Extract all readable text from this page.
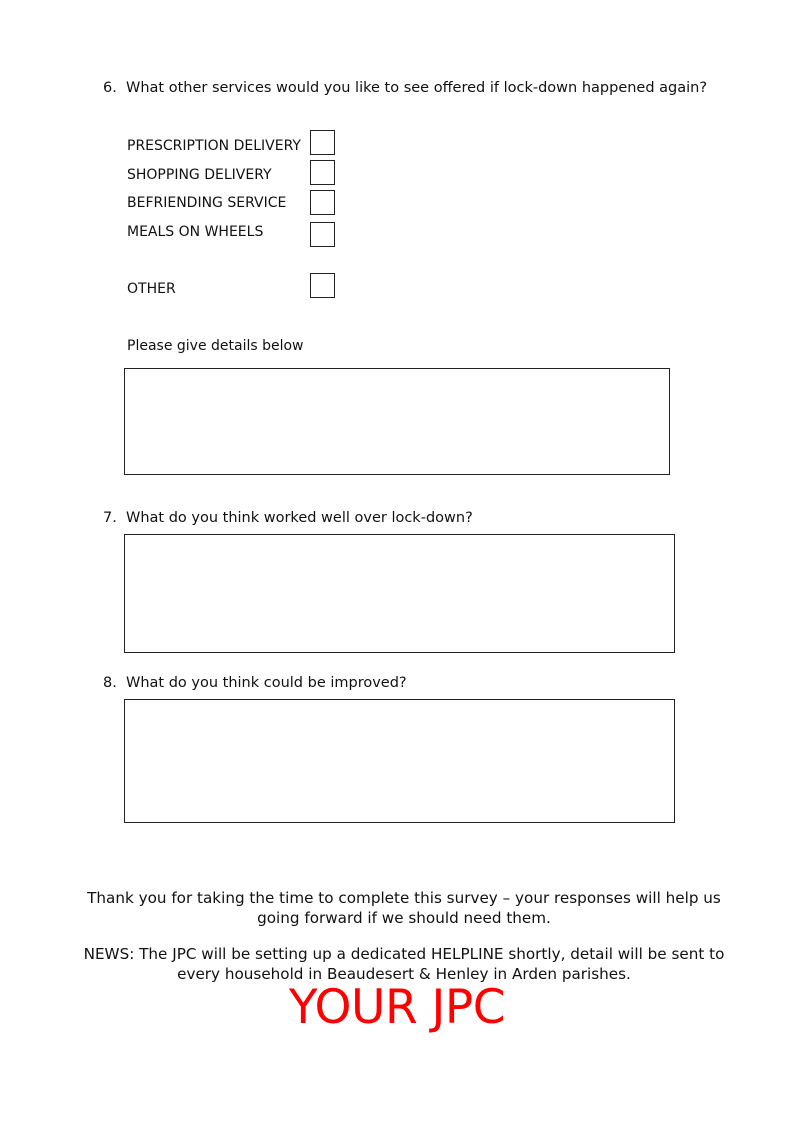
6. What other services would you like to see offered if lock-down happened again?
PRESCRIPTION DELIVERY
SHOPPING DELIVERY
BEFRIENDING SERVICE
MEALS ON WHEELS
OTHER
Please give details below
7. What do you think worked well over lock-down?
8. What do you think could be improved?
Thank you for taking the time to complete this survey – your responses will help us going forward if we should need them.
NEWS: The JPC will be setting up a dedicated HELPLINE shortly, detail will be sent to every household in Beaudesert & Henley in Arden parishes.
YOUR JPC
